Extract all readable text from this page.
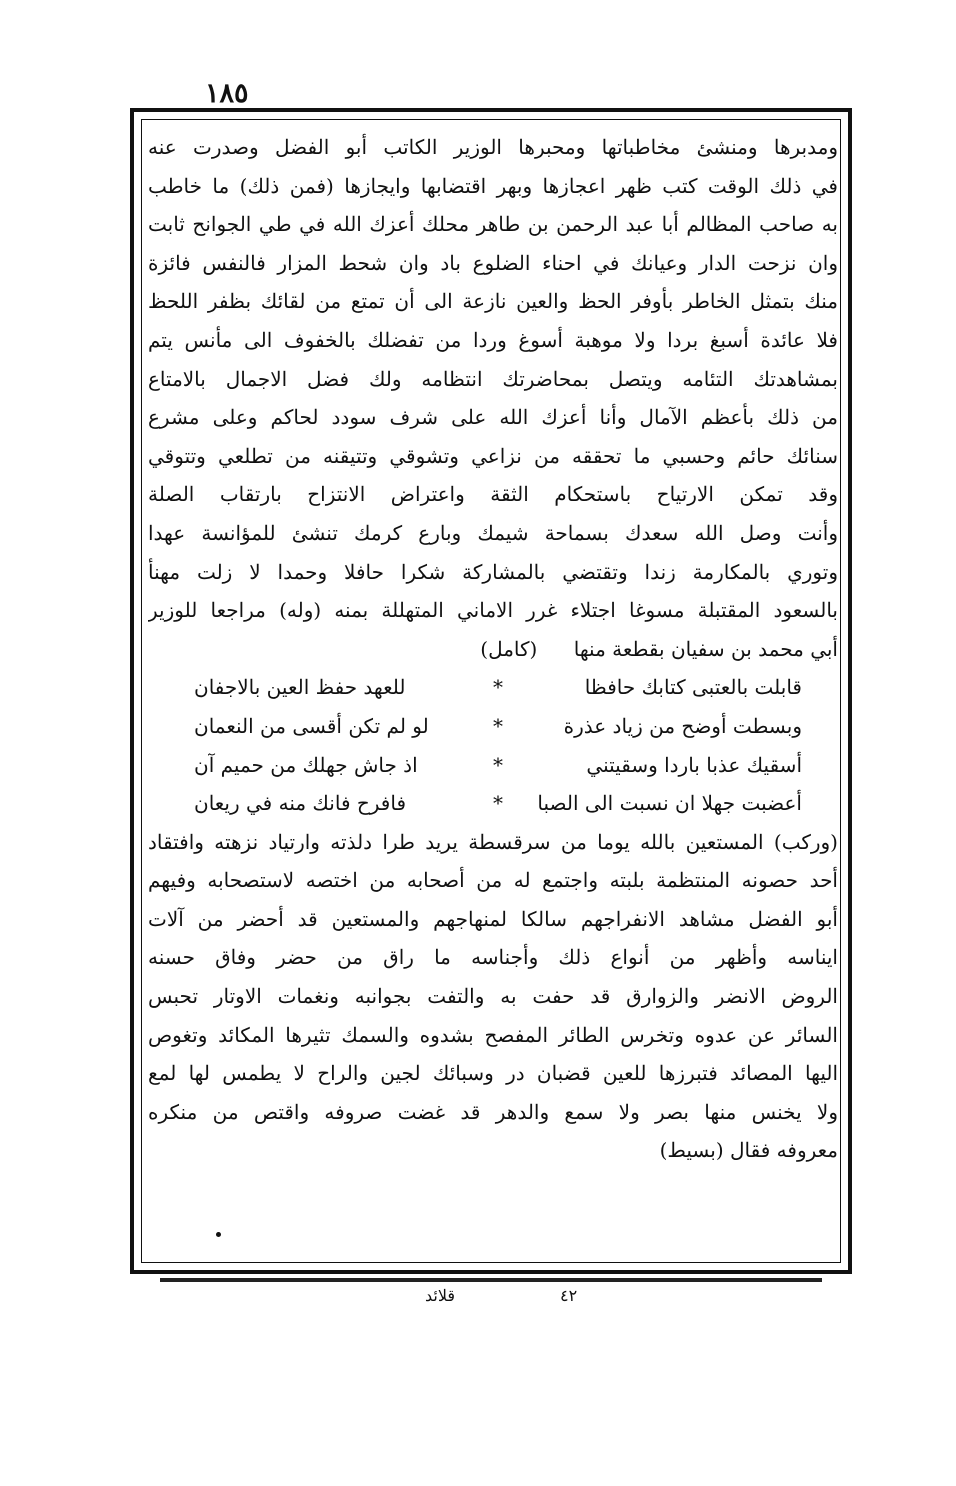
١٨٥
ومدبرها ومنشئ مخاطباتها ومحبرها الوزير الكاتب أبو الفضل وصدرت عنه
في ذلك الوقت كتب ظهر اعجازها وبهر اقتضابها وايجازها (فمن ذلك) ما خاطب
به صاحب المظالم أبا عبد الرحمن بن طاهر محلك أعزك الله في طي الجوانح ثابت
وان نزحت الدار وعيانك في احناء الضلوع باد وان شحط المزار فالنفس فائزة
منك بتمثل الخاطر بأوفر الحظ والعين نازعة الى أن تمتع من لقائك بظفر اللحظ
فلا عائدة أسبغ بردا ولا موهبة أسوغ وردا من تفضلك بالخفوف الى مأنس يتم
بمشاهدتك التئامه ويتصل بمحاضرتك انتظامه ولك فضل الاجمال بالامتاع
من ذلك بأعظم الآمال وأنا أعزك الله على شرف سودد لحاكم وعلى مشرع
سنائك حائم وحسبي ما تحققه من نزاعي وتشوقي وتتيقنه من تطلعي وتتوقي
وقد تمكن الارتياح باستحكام الثقة واعتراض الانتزاح بارتقاب الصلة
وأنت وصل الله سعدك بسماحة شيمك وبارع كرمك تنشئ للمؤانسة عهدا
وتوري بالمكارمة زندا وتقتضي بالمشاركة شكرا حافلا وحمدا لا زلت مهنأ
بالسعود المقتبلة مسوغا اجتلاء غرر الاماني المتهللة بمنه (وله) مراجعا للوزير
أبي محمد بن سفيان بقطعة منها (كامل)
قابلت بالعتبى كتابك حافظا
*
للعهد حفظ العين بالاجفان
وبسطت أوضح من زياد عذرة
*
لو لم تكن أقسى من النعمان
أسقيك عذبا باردا وسقيتني
*
اذ جاش جهلك من حميم آن
أعضبت جهلا ان نسبت الى الصبا
*
فافرح فانك منه في ريعان
(وركب) المستعين بالله يوما من سرقسطة يريد طرا دلذته وارتياد نزهته وافتقاد
أحد حصونه المنتظمة بلبته واجتمع له من أصحابه من اختصه لاستصحابه وفيهم
أبو الفضل مشاهد الانفراجهم سالكا لمنهاجهم والمستعين قد أحضر من آلات
ايناسه وأظهر من أنواع ذلك وأجناسه ما راق من حضر وفاق حسنه
الروض الانضر والزوارق قد حفت به والتفت بجوانبه ونغمات الاوتار تحبس
السائر عن عدوه وتخرس الطائر المفصح بشدوه والسمك تثيرها المكائد وتغوص
اليها المصائد فتبرزها للعين قضبان در وسبائك لجين والراح لا يطمس لها لمع
ولا يخنس منها بصر ولا سمع والدهر قد غضت صروفه واقتص من منكره
معروفه فقال (بسيط)
قلائد	٤٢
